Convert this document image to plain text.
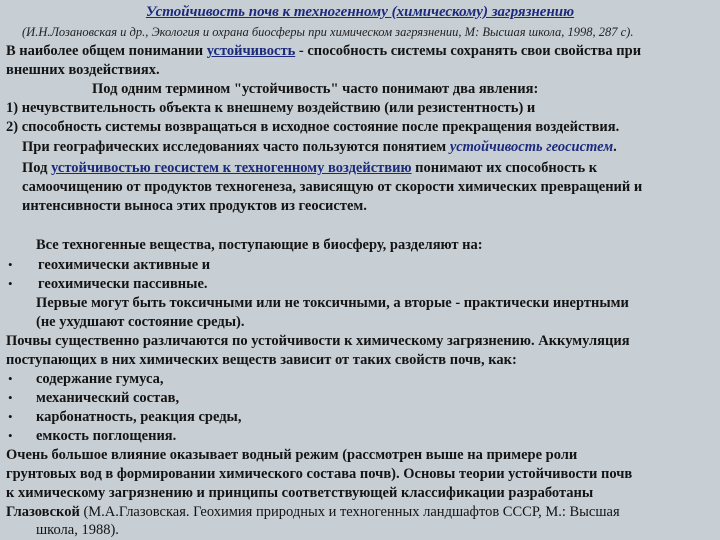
Устойчивость почв к техногенному (химическому) загрязнению
(И.Н.Лозановская и др., Экология и охрана биосферы при химическом загрязнении, М: Высшая школа, 1998, 287 с).
В наиболее общем понимании устойчивость - способность системы сохранять свои свойства при
внешних воздействиях.
Под одним термином "устойчивость" часто понимают два явления:
1) нечувствительность объекта к внешнему воздействию (или резистентность) и
2) способность системы возвращаться в исходное состояние после прекращения воздействия.
При географических исследованиях часто пользуются понятием устойчивость геосистем.
Под устойчивостью геосистем к техногенному воздействию понимают их способность к
самоочищению от продуктов техногенеза, зависящую от скорости химических превращений и
интенсивности выноса этих продуктов из геосистем.
Все техногенные вещества, поступающие в биосферу, разделяют на:
• геохимически активные и
• геохимически пассивные.
Первые могут быть токсичными или не токсичными, а вторые - практически инертными
(не ухудшают состояние среды).
Почвы существенно различаются по устойчивости к химическому загрязнению. Аккумуляция
поступающих в них химических веществ зависит от таких свойств почв, как:
• содержание гумуса,
• механический состав,
• карбонатность, реакция среды,
• емкость поглощения.
Очень большое влияние оказывает водный режим (рассмотрен выше на примере роли
грунтовых вод в формировании химического состава почв). Основы теории устойчивости почв
к химическому загрязнению и принципы соответствующей классификации разработаны
Глазовской (М.А.Глазовская. Геохимия природных и техногенных ландшафтов СССР, М.: Высшая
школа, 1988).
